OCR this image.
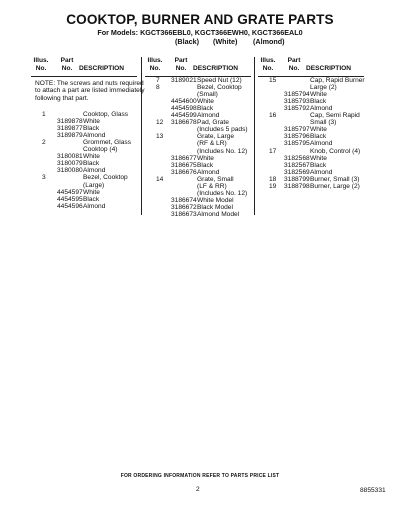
COOKTOP, BURNER AND GRATE PARTS
For Models: KGCT366EBL0, KGCT366EWH0, KGCT366EAL0
(Black) (White) (Almond)
Illus.
No.
Part
No.	DESCRIPTION
Illus.
No.
Part
No.	DESCRIPTION
Illus.
No.
Part
No.	DESCRIPTION
NOTE: The screws and nuts required to attach a part are listed immediately following that part.
1	Cooktop, Glass
3189878 White
3189877 Black
3189879 Almond
2	Grommet, Glass
Cooktop (4)
3180081 White
3180079 Black
3180080 Almond
3	Bezel, Cooktop
(Large)
4454597 White
4454595 Black
4454596 Almond
7 3189021 Speed Nut (12)
8	Bezel, Cooktop
(Small)
4454600 White
4454598 Black
4454599 Almond
12 3186678 Pad, Grate
(Includes 5 pads)
13	Grate, Large
(RF & LR)
(Includes No. 12)
3186677 White
3186675 Black
3186676 Almond
14	Grate, Small
(LF & RR)
(Includes No. 12)
3186674 White Model
3186672 Black Model
3186673 Almond Model
15	Cap, Rapid Burner
Large (2)
3185794 White
3185793 Black
3185792 Almond
16	Cap, Semi Rapid
Small (3)
3185797 White
3185796 Black
3185795 Almond
17	Knob, Control (4)
3182568 White
3182567 Black
3182569 Almond
18 3188799 Burner, Small (3)
19 3188798 Burner, Large (2)
FOR ORDERING INFORMATION REFER TO PARTS PRICE LIST
2	8855331
